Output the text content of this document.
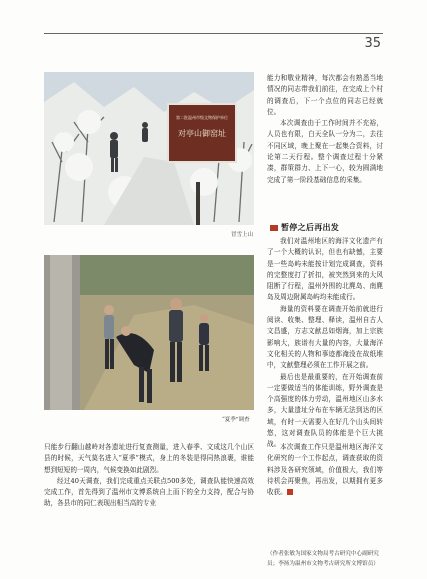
35
第二批温州市级文物保护单位
对亭山御窑址
冒雪上山
“夏季”调查

能力和敬业精神，每次都会有熟悉当地情况的同志带我们前往，在完成上个村的调查后，下一个点位的同志已经就位。

本次调查由于工作时间并不充裕，人员也有限，白天全队一分为二，去往不同区域，晚上聚在一起集合资料，讨论第二天行程。整个调查过程十分紧凑，群策群力、上下一心，较为圆满地完成了第一阶段基础信息的采集。

暂停之后再出发

我们对温州地区的海洋文化遗产有了一个大概的认识，但也有缺憾，主要是一些岛屿未能按计划完成调查，资料的完整度打了折扣，被突然到来的大风阻断了行程，温州外围的北麂岛、南麂岛及周边附属岛屿均未能成行。

海量的资料要在调查开始前就进行阅读、收集、整理、释读，温州自古人文昌盛，方志文献总如烟海，加上宗族影响大，族谱有大量的内容，大量海洋文化相关的人物和事迹都淹没在故纸堆中，文献整理必须在工作开展之前。

最后也是最重要的，在开始调查前一定要做适当的体能训练，野外调查是个高强度的体力劳动，温州地区山多水多，大量遗址分布在车辆无法到达的区域，有时一天需要入在好几个山头间转悠，这对调查队员的体能是个巨大挑战。

只能步行翻山越岭对各遗址进行复查测量，进入春季、文成这几个山区县的时候，天气莫名进入“夏季”模式，身上的冬装是得同热浪裹，谁能想到短短的一周内，气候变换如此剧烈。

经过40天调查，我们完成重点关联点500多处，调查队能快速高效完成工作，首先得到了温州市文博系统自上而下的全力支持，配合与协助，各县市的同仁表现出相当高的专业

本次调查工作只是温州地区海洋文化研究的一个工作起点，调查获取的资料涉及各研究领域，价值极大，我们等待机会再聚焦，再出发，以期拥有更多收获。

（作者张敏为国家文物局考古研究中心副研究员；李扬为温州市文物考古研究所文博馆员）
